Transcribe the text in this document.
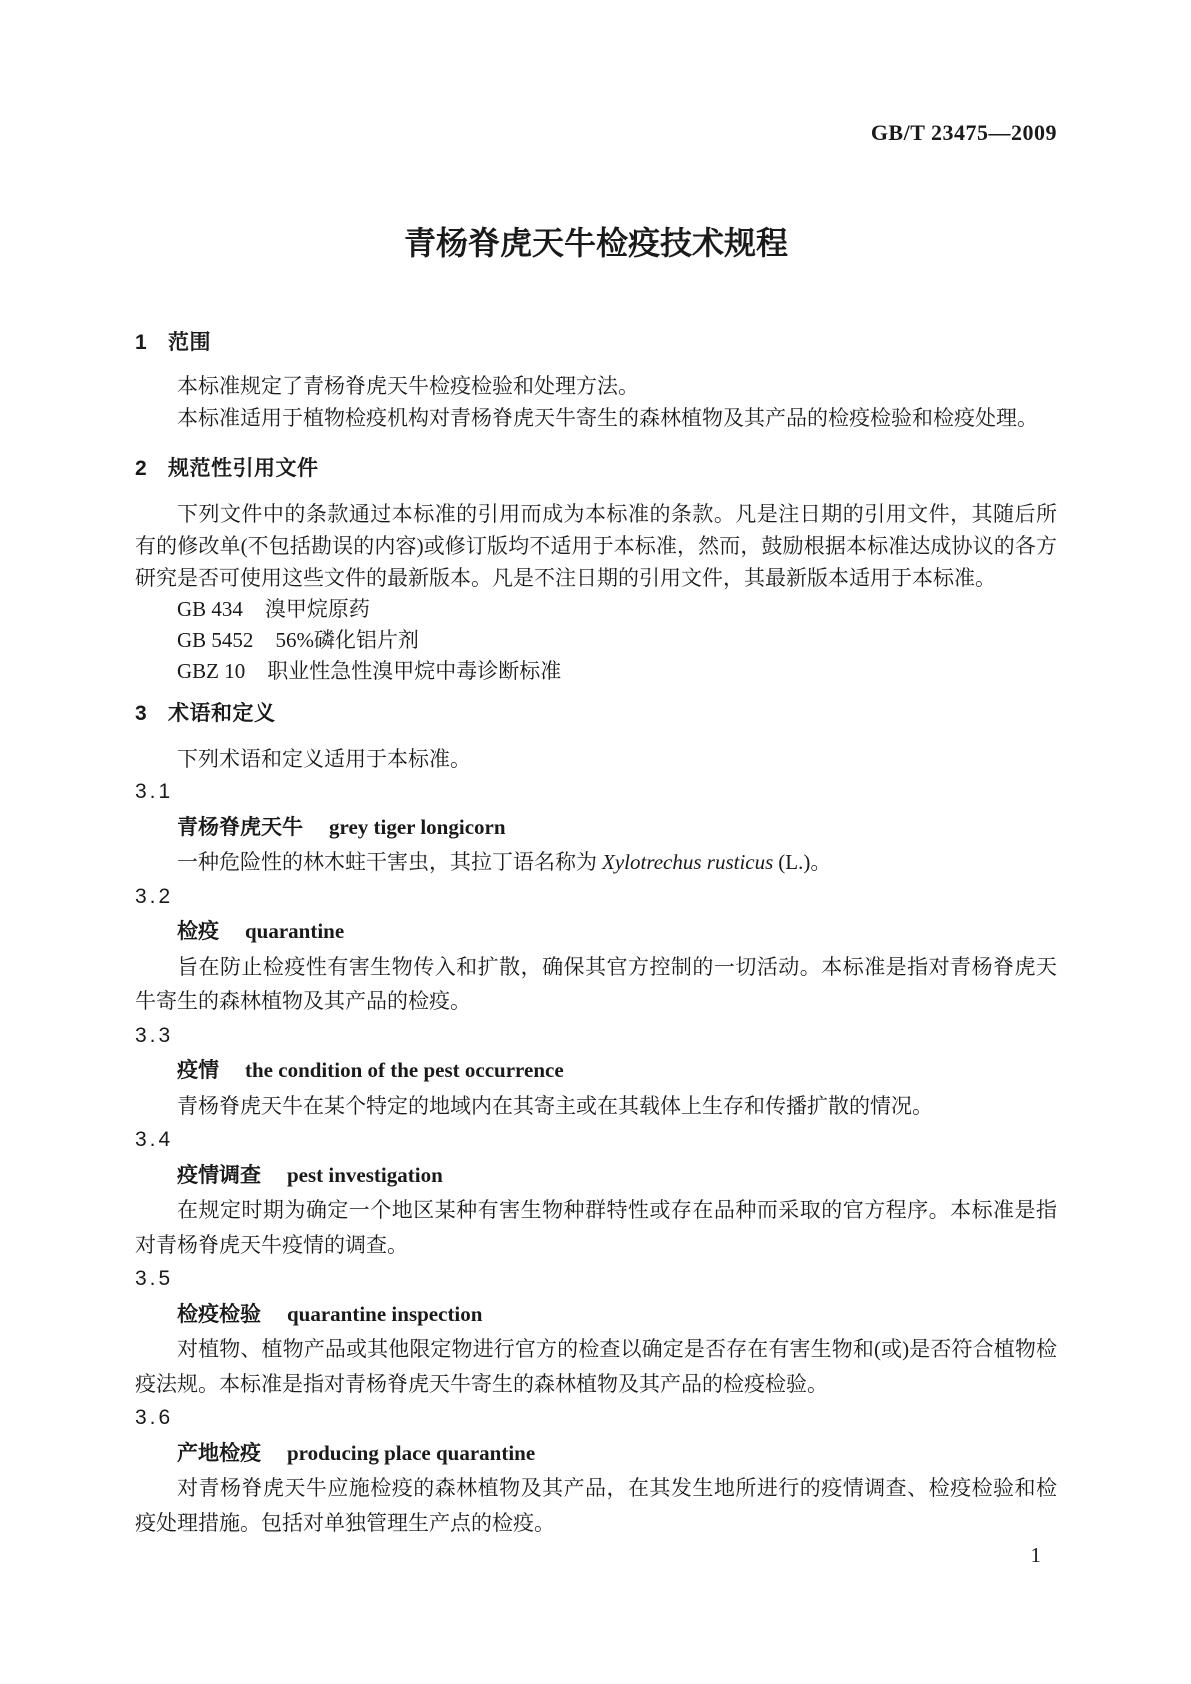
GB/T 23475—2009
青杨脊虎天牛检疫技术规程
1 范围

本标准规定了青杨脊虎天牛检疫检验和处理方法。

本标准适用于植物检疫机构对青杨脊虎天牛寄生的森林植物及其产品的检疫检验和检疫处理。

2 规范性引用文件

下列文件中的条款通过本标准的引用而成为本标准的条款。凡是注日期的引用文件，其随后所有的修改单(不包括勘误的内容)或修订版均不适用于本标准，然而，鼓励根据本标准达成协议的各方研究是否可使用这些文件的最新版本。凡是不注日期的引用文件，其最新版本适用于本标准。

GB 434 溴甲烷原药
GB 5452 56%磷化铝片剂
GBZ 10 职业性急性溴甲烷中毒诊断标准
3 术语和定义

下列术语和定义适用于本标准。

3.1
青杨脊虎天牛 grey tiger longicorn

一种危险性的林木蛀干害虫，其拉丁语名称为 Xylotrechus rusticus (L.)。

3.2
检疫 quarantine

旨在防止检疫性有害生物传入和扩散，确保其官方控制的一切活动。本标准是指对青杨脊虎天牛寄生的森林植物及其产品的检疫。

3.3
疫情 the condition of the pest occurrence

青杨脊虎天牛在某个特定的地域内在其寄主或在其载体上生存和传播扩散的情况。

3.4
疫情调查 pest investigation

在规定时期为确定一个地区某种有害生物种群特性或存在品种而采取的官方程序。本标准是指对青杨脊虎天牛疫情的调查。

3.5
检疫检验 quarantine inspection

对植物、植物产品或其他限定物进行官方的检查以确定是否存在有害生物和(或)是否符合植物检疫法规。本标准是指对青杨脊虎天牛寄生的森林植物及其产品的检疫检验。

3.6
产地检疫 producing place quarantine

对青杨脊虎天牛应施检疫的森林植物及其产品，在其发生地所进行的疫情调查、检疫检验和检疫处理措施。包括对单独管理生产点的检疫。

1
